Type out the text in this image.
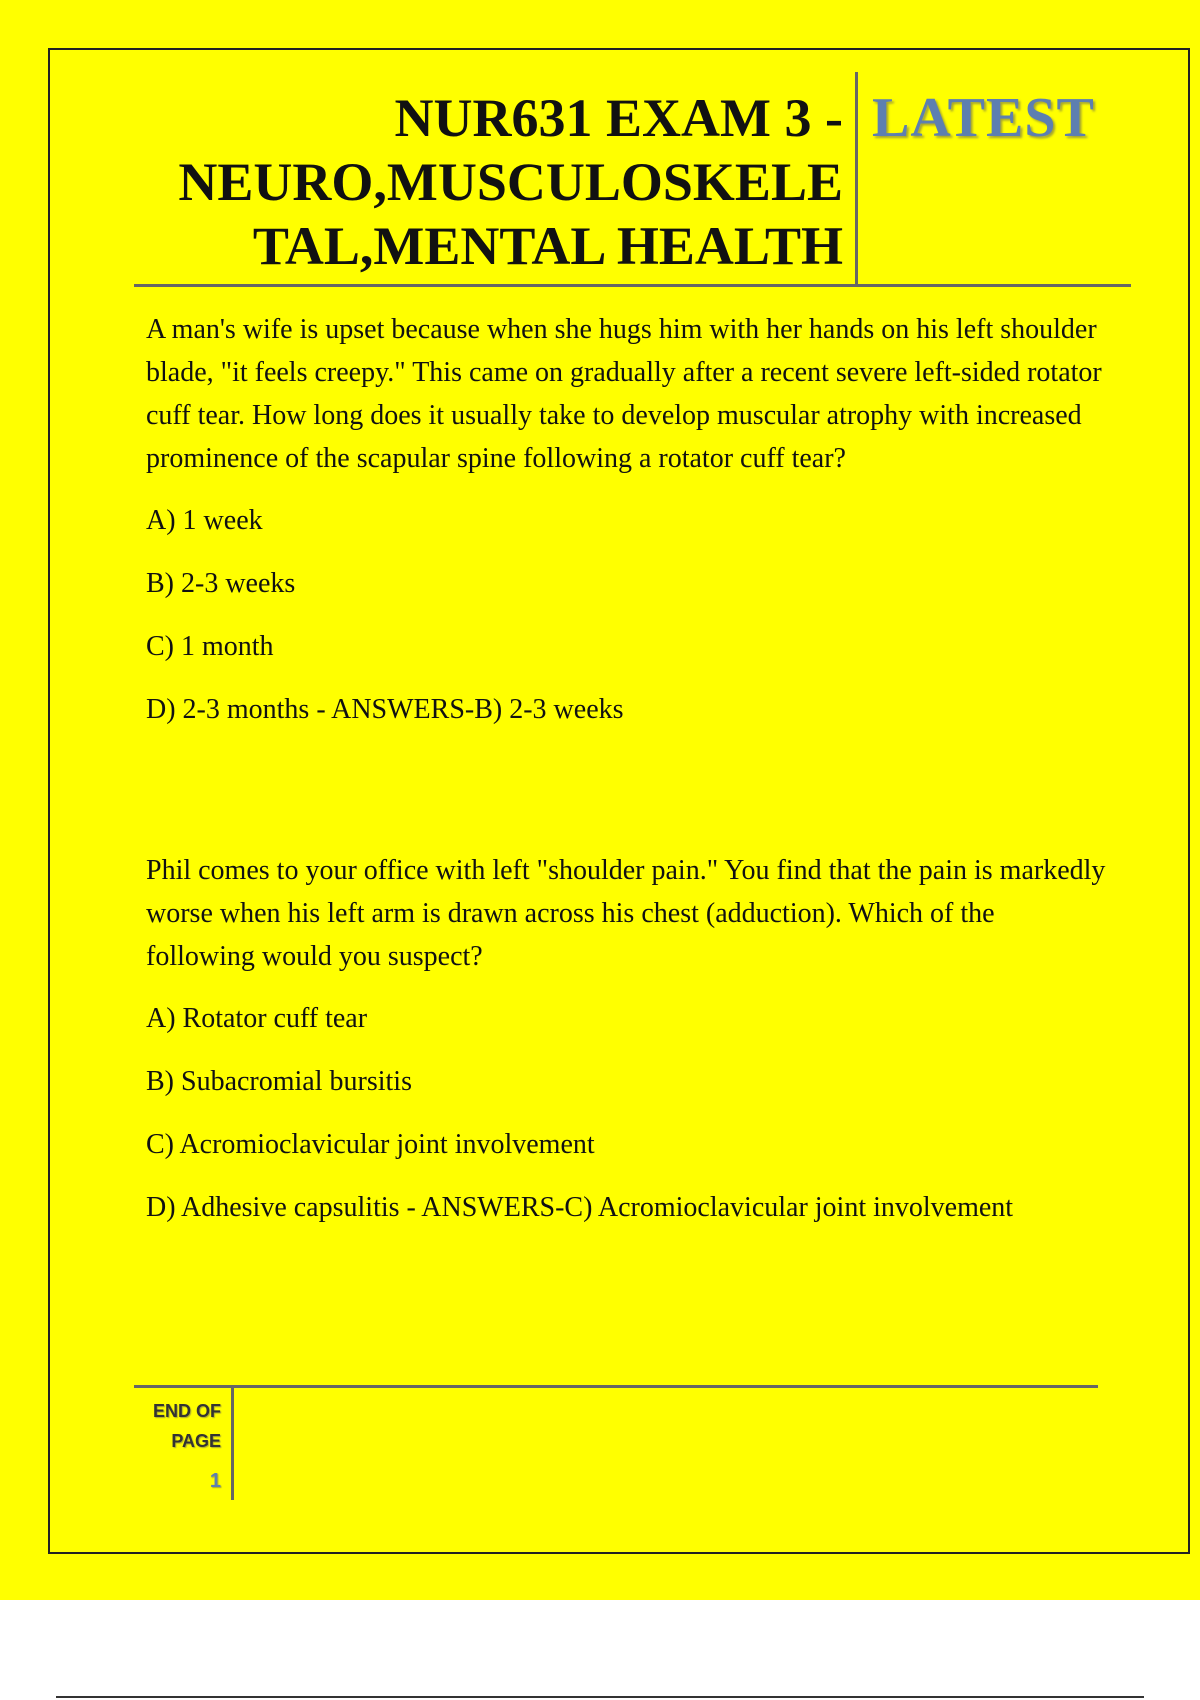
NUR631 EXAM 3 -
NEURO,MUSCULOSKELE
TAL,MENTAL HEALTH
LATEST

A man's wife is upset because when she hugs him with her hands on his left shoulder blade, "it feels creepy." This came on gradually after a recent severe left-sided rotator cuff tear. How long does it usually take to develop muscular atrophy with increased prominence of the scapular spine following a rotator cuff tear?

A) 1 week

B) 2-3 weeks

C) 1 month

D) 2-3 months - ANSWERS-B) 2-3 weeks

Phil comes to your office with left "shoulder pain." You find that the pain is markedly worse when his left arm is drawn across his chest (adduction). Which of the following would you suspect?

A) Rotator cuff tear

B) Subacromial bursitis

C) Acromioclavicular joint involvement

D) Adhesive capsulitis - ANSWERS-C) Acromioclavicular joint involvement

END OF
PAGE
1
